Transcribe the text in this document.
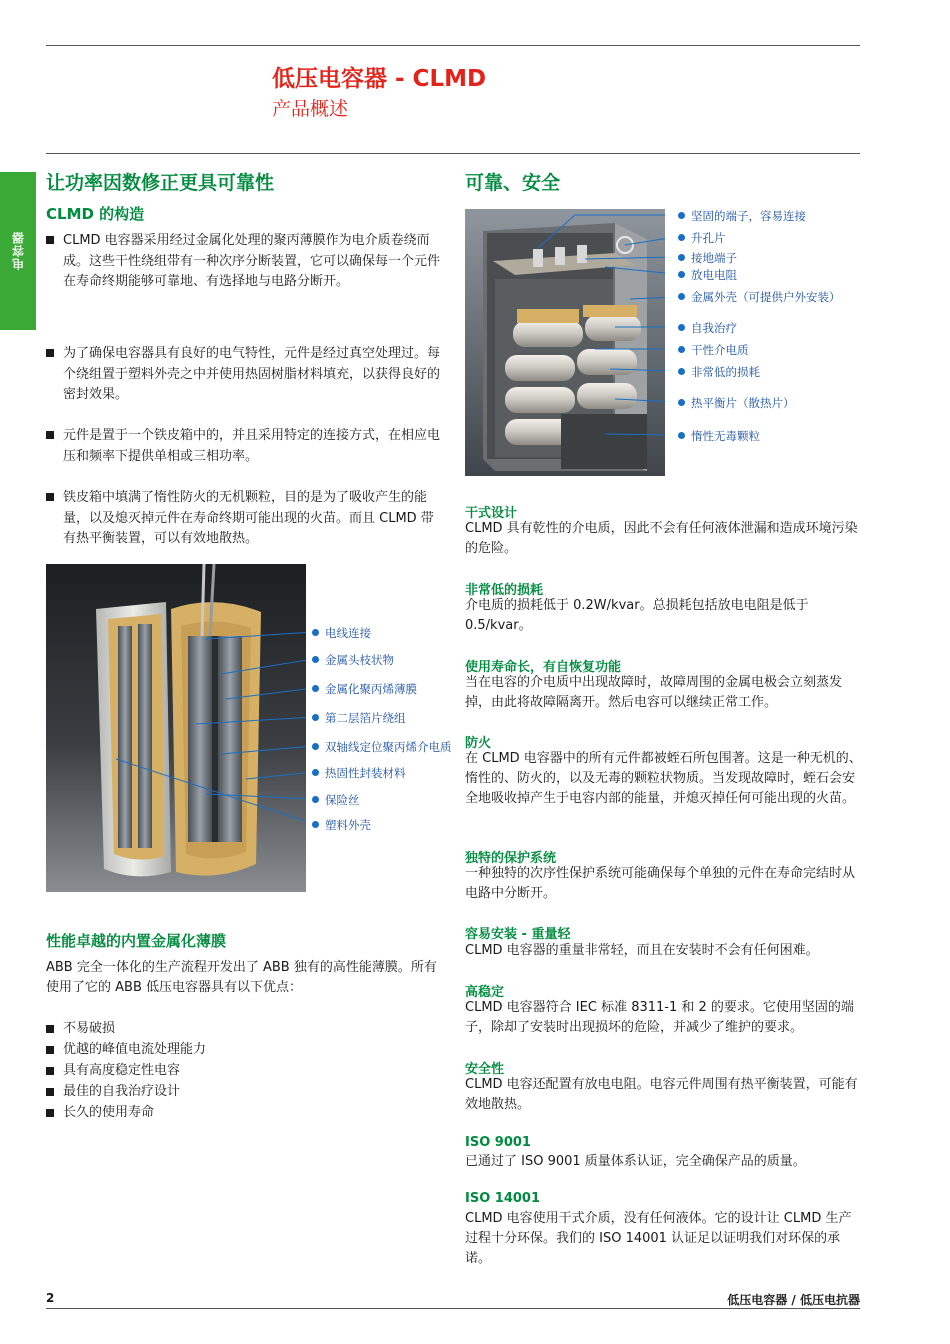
电容器
低压电容器 - CLMD
产品概述
让功率因数修正更具可靠性
CLMD 的构造
CLMD 电容器采用经过金属化处理的聚丙薄膜作为电介质卷绕而成。这些干性绕组带有一种次序分断装置，它可以确保每一个元件在寿命终期能够可靠地、有选择地与电路分断开。
为了确保电容器具有良好的电气特性，元件是经过真空处理过。每个绕组置于塑料外壳之中并使用热固树脂材料填充，以获得良好的密封效果。
元件是置于一个铁皮箱中的，并且采用特定的连接方式，在相应电压和频率下提供单相或三相功率。
铁皮箱中填满了惰性防火的无机颗粒，目的是为了吸收产生的能量，以及熄灭掉元件在寿命终期可能出现的火苗。而且 CLMD 带有热平衡装置，可以有效地散热。
电线连接
金属头枝状物
金属化聚丙烯薄膜
第二层箔片绕组
双轴线定位聚丙烯介电质
热固性封装材料
保险丝
塑料外壳
性能卓越的内置金属化薄膜
ABB 完全一体化的生产流程开发出了 ABB 独有的高性能薄膜。所有使用了它的 ABB 低压电容器具有以下优点：
不易破损
优越的峰值电流处理能力
具有高度稳定性电容
最佳的自我治疗设计
长久的使用寿命
可靠、安全
坚固的端子，容易连接
升孔片
接地端子
放电电阻
金属外壳（可提供户外安装）
自我治疗
干性介电质
非常低的损耗
热平衡片（散热片）
惰性无毒颗粒
干式设计
CLMD 具有乾性的介电质，因此不会有任何液体泄漏和造成环境污染的危险。
非常低的损耗
介电质的损耗低于 0.2W/kvar。总损耗包括放电电阻是低于 0.5/kvar。
使用寿命长，有自恢复功能
当在电容的介电质中出现故障时，故障周围的金属电极会立刻蒸发掉，由此将故障隔离开。然后电容可以继续正常工作。
防火
在 CLMD 电容器中的所有元件都被蛭石所包围著。这是一种无机的、惰性的、防火的，以及无毒的颗粒状物质。当发现故障时，蛭石会安全地吸收掉产生于电容内部的能量，并熄灭掉任何可能出现的火苗。
独特的保护系统
一种独特的次序性保护系统可能确保每个单独的元件在寿命完结时从电路中分断开。
容易安装 - 重量轻
CLMD 电容器的重量非常轻，而且在安装时不会有任何困难。
高稳定
CLMD 电容器符合 IEC 标准 8311-1 和 2 的要求。它使用坚固的端子，除却了安装时出现损坏的危险，并减少了维护的要求。
安全性
CLMD 电容还配置有放电电阻。电容元件周围有热平衡装置，可能有效地散热。
ISO 9001
已通过了 ISO 9001 质量体系认证，完全确保产品的质量。
ISO 14001
CLMD 电容使用干式介质，没有任何液体。它的设计让 CLMD 生产过程十分环保。我们的 ISO 14001 认证足以证明我们对环保的承诺。
2	低压电容器 / 低压电抗器
